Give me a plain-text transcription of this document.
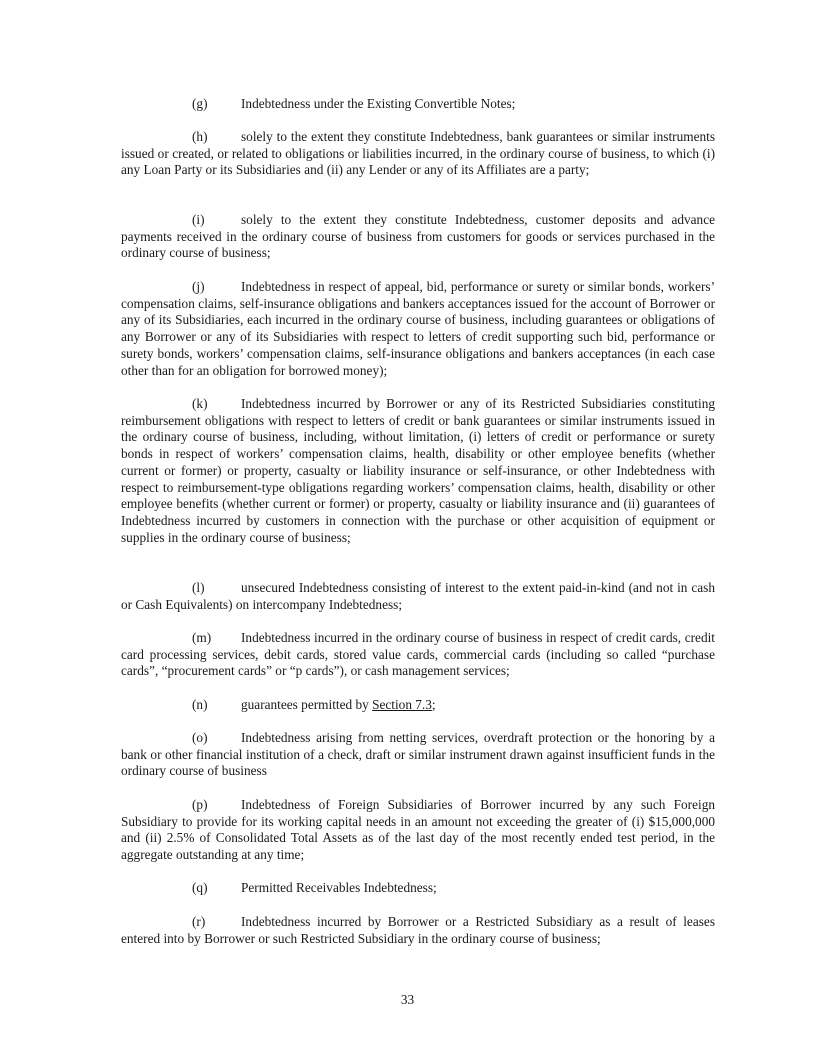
(g)	Indebtedness under the Existing Convertible Notes;

(h)	solely to the extent they constitute Indebtedness, bank guarantees or similar instruments issued or created, or related to obligations or liabilities incurred, in the ordinary course of business, to which (i) any Loan Party or its Subsidiaries and (ii) any Lender or any of its Affiliates are a party;

(i)	solely to the extent they constitute Indebtedness, customer deposits and advance payments received in the ordinary course of business from customers for goods or services purchased in the ordinary course of business;

(j)	Indebtedness in respect of appeal, bid, performance or surety or similar bonds, workers’ compensation claims, self-insurance obligations and bankers acceptances issued for the account of Borrower or any of its Subsidiaries, each incurred in the ordinary course of business, including guarantees or obligations of any Borrower or any of its Subsidiaries with respect to letters of credit supporting such bid, performance or surety bonds, workers’ compensation claims, self-insurance obligations and bankers acceptances (in each case other than for an obligation for borrowed money);

(k)	Indebtedness incurred by Borrower or any of its Restricted Subsidiaries constituting reimbursement obligations with respect to letters of credit or bank guarantees or similar instruments issued in the ordinary course of business, including, without limitation, (i) letters of credit or performance or surety bonds in respect of workers’ compensation claims, health, disability or other employee benefits (whether current or former) or property, casualty or liability insurance or self-insurance, or other Indebtedness with respect to reimbursement-type obligations regarding workers’ compensation claims, health, disability or other employee benefits (whether current or former) or property, casualty or liability insurance and (ii) guarantees of Indebtedness incurred by customers in connection with the purchase or other acquisition of equipment or supplies in the ordinary course of business;

(l)	unsecured Indebtedness consisting of interest to the extent paid-in-kind (and not in cash or Cash Equivalents) on intercompany Indebtedness;

(m) Indebtedness incurred in the ordinary course of business in respect of credit cards, credit card processing services, debit cards, stored value cards, commercial cards (including so called “purchase cards”, “procurement cards” or “p cards”), or cash management services;

(n)	guarantees permitted by Section 7.3;

(o)	Indebtedness arising from netting services, overdraft protection or the honoring by a bank or other financial institution of a check, draft or similar instrument drawn against insufficient funds in the ordinary course of business

(p)	Indebtedness of Foreign Subsidiaries of Borrower incurred by any such Foreign Subsidiary to provide for its working capital needs in an amount not exceeding the greater of (i) $15,000,000 and (ii) 2.5% of Consolidated Total Assets as of the last day of the most recently ended test period, in the aggregate outstanding at any time;

(q)	Permitted Receivables Indebtedness;

(r)	Indebtedness incurred by Borrower or a Restricted Subsidiary as a result of leases entered into by Borrower or such Restricted Subsidiary in the ordinary course of business;

33
